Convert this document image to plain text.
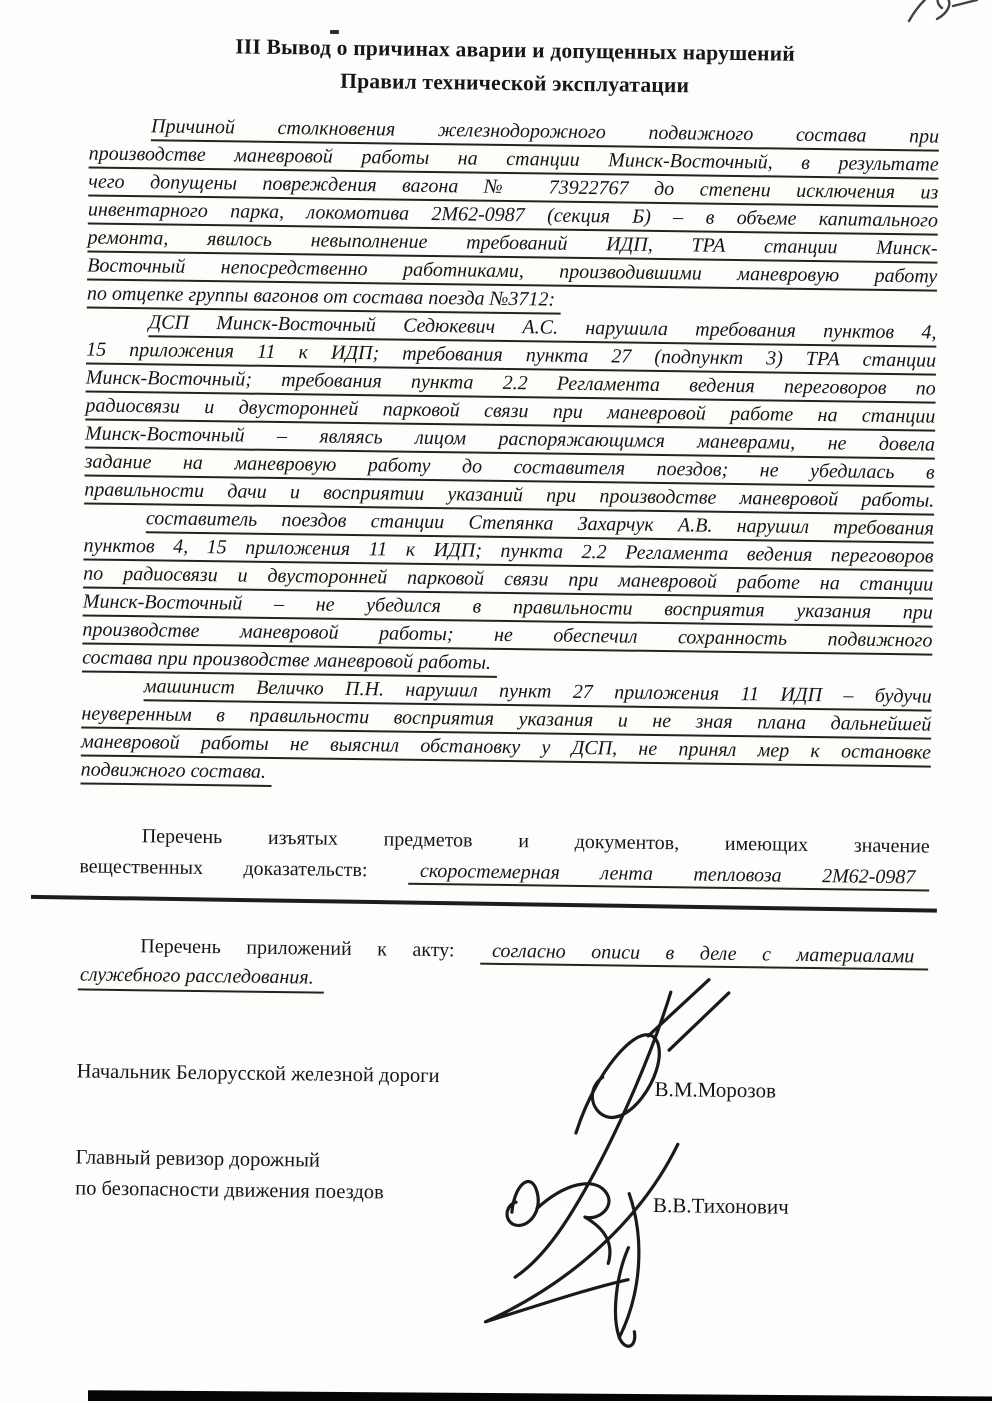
III Вывод о причинах аварии и допущенных нарушений
Правил технической эксплуатации
Причиной столкновения железнодорожного подвижного состава при
производстве маневровой работы на станции Минск-Восточный, в результате
чего допущены повреждения вагона № 73922767 до степени исключения из
инвентарного парка, локомотива 2М62-0987 (секция Б) – в объеме капитального
ремонта, явилось невыполнение требований ИДП, ТРА станции Минск-
Восточный непосредственно работниками, производившими маневровую работу
по отцепке группы вагонов от состава поезда №3712:
ДСП Минск-Восточный Седюкевич А.С. нарушила требования пунктов 4,
15 приложения 11 к ИДП; требования пункта 27 (подпункт 3) ТРА станции
Минск-Восточный; требования пункта 2.2 Регламента ведения переговоров по
радиосвязи и двусторонней парковой связи при маневровой работе на станции
Минск-Восточный – являясь лицом распоряжающимся маневрами, не довела
задание на маневровую работу до составителя поездов; не убедилась в
правильности дачи и восприятии указаний при производстве маневровой работы.
составитель поездов станции Степянка Захарчук А.В. нарушил требования
пунктов 4, 15 приложения 11 к ИДП; пункта 2.2 Регламента ведения переговоров
по радиосвязи и двусторонней парковой связи при маневровой работе на станции
Минск-Восточный – не убедился в правильности восприятия указания при
производстве маневровой работы; не обеспечил сохранность подвижного
состава при производстве маневровой работы.
машинист Величко П.Н. нарушил пункт 27 приложения 11 ИДП – будучи
неуверенным в правильности восприятия указания и не зная плана дальнейшей
маневровой работы не выяснил обстановку у ДСП, не принял мер к остановке
подвижного состава.
Перечень изъятых предметов и документов, имеющих значение
вещественных доказательств:	скоростемерная лента тепловоза 2М62-0987
Перечень приложений к акту: согласно описи в деле с материалами
служебного расследования.
Начальник Белорусской железной дороги
В.М.Морозов
Главный ревизор дорожный
по безопасности движения поездов
В.В.Тихонович
